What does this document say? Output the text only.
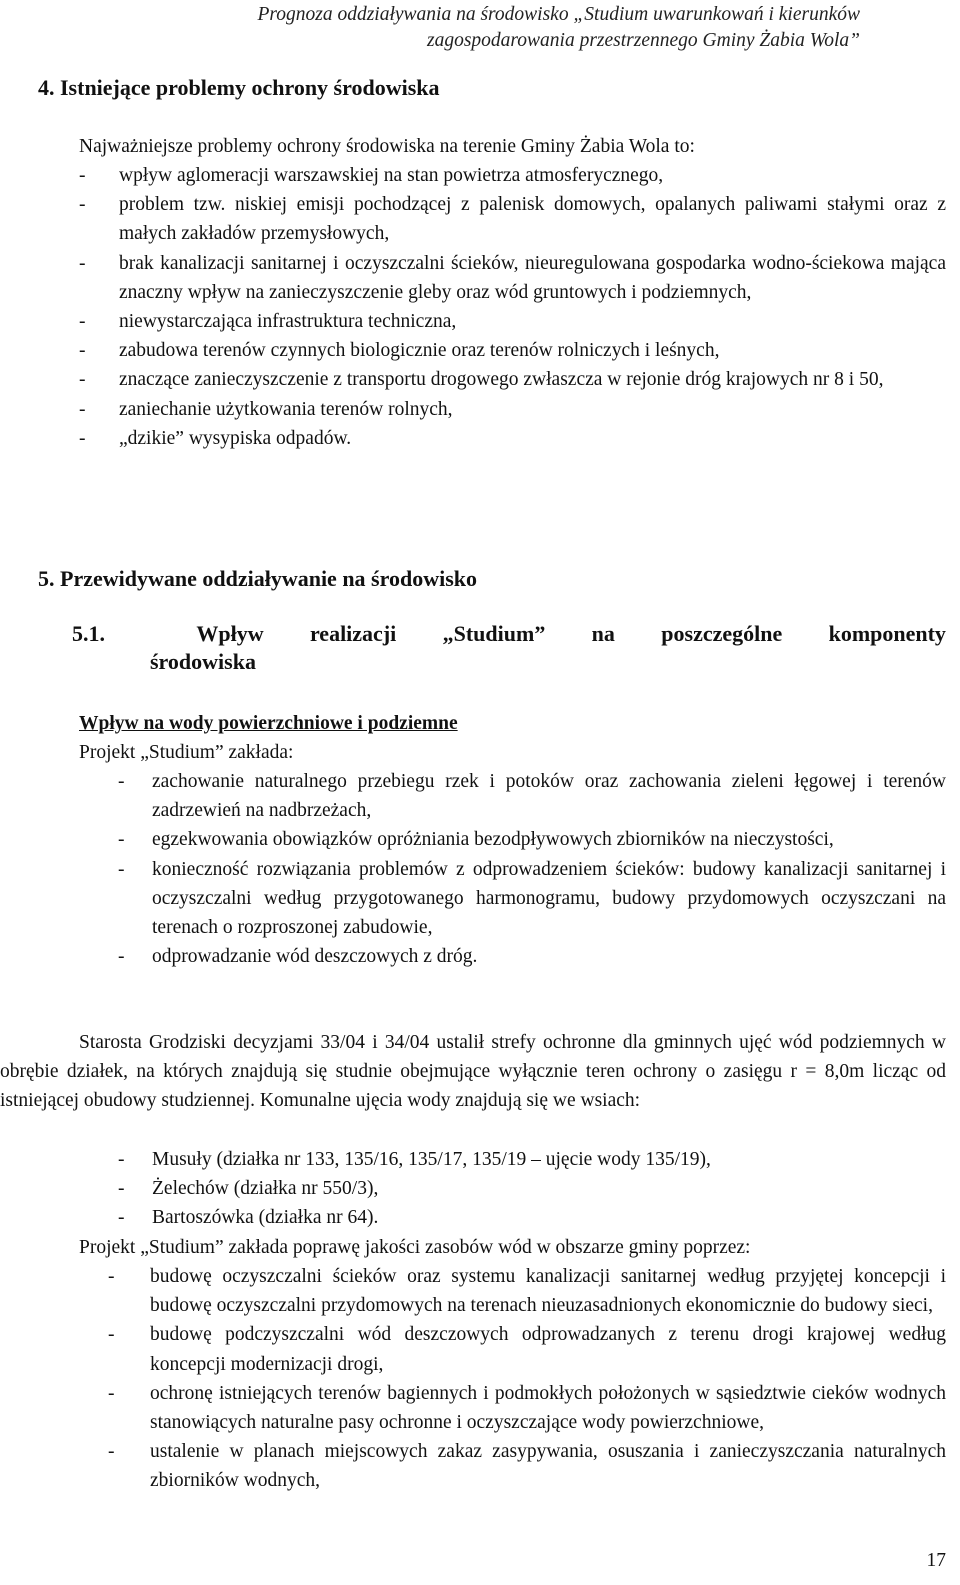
Prognoza oddziaływania na środowisko „Studium uwarunkowań i kierunków
zagospodarowania przestrzennego Gminy Żabia Wola”
4. Istniejące problemy ochrony środowiska
Najważniejsze problemy ochrony środowiska na terenie Gminy Żabia Wola to:
-	wpływ aglomeracji warszawskiej na stan powietrza atmosferycznego,
-	problem tzw. niskiej emisji pochodzącej z palenisk domowych, opalanych paliwami stałymi oraz z małych zakładów przemysłowych,
-	brak kanalizacji sanitarnej i oczyszczalni ścieków, nieuregulowana gospodarka wodno-ściekowa mająca znaczny wpływ na zanieczyszczenie gleby oraz wód gruntowych i podziemnych,
-	niewystarczająca infrastruktura techniczna,
-	zabudowa terenów czynnych biologicznie oraz terenów rolniczych i leśnych,
-	znaczące zanieczyszczenie z transportu drogowego zwłaszcza w rejonie dróg krajowych nr 8 i 50,
-	zaniechanie użytkowania terenów rolnych,
-	„dzikie” wysypiska odpadów.
5. Przewidywane oddziaływanie na środowisko
5.1.	Wpływ realizacji „Studium” na poszczególne komponenty
środowiska
Wpływ na wody powierzchniowe i podziemne
Projekt „Studium” zakłada:
-	zachowanie naturalnego przebiegu rzek i potoków oraz zachowania zieleni łęgowej i terenów zadrzewień na nadbrzeżach,
-	egzekwowania obowiązków opróżniania bezodpływowych zbiorników na nieczystości,
-	konieczność rozwiązania problemów z odprowadzeniem ścieków: budowy kanalizacji sanitarnej i oczyszczalni według przygotowanego harmonogramu, budowy przydomowych oczyszczani na terenach o rozproszonej zabudowie,
-	odprowadzanie wód deszczowych z dróg.

Starosta Grodziski decyzjami 33/04 i 34/04 ustalił strefy ochronne dla gminnych ujęć wód podziemnych w obrębie działek, na których znajdują się studnie obejmujące wyłącznie teren ochrony o zasięgu r = 8,0m licząc od istniejącej obudowy studziennej. Komunalne ujęcia wody znajdują się we wsiach:

-	Musuły (działka nr 133, 135/16, 135/17, 135/19 – ujęcie wody 135/19),
-	Żelechów (działka nr 550/3),
-	Bartoszówka (działka nr 64).
Projekt „Studium” zakłada poprawę jakości zasobów wód w obszarze gminy poprzez:
-	budowę oczyszczalni ścieków oraz systemu kanalizacji sanitarnej według przyjętej koncepcji i budowę oczyszczalni przydomowych na terenach nieuzasadnionych ekonomicznie do budowy sieci,
-	budowę podczyszczalni wód deszczowych odprowadzanych z terenu drogi krajowej według koncepcji modernizacji drogi,
-	ochronę istniejących terenów bagiennych i podmokłych położonych w sąsiedztwie cieków wodnych stanowiących naturalne pasy ochronne i oczyszczające wody powierzchniowe,
-	ustalenie w planach miejscowych zakaz zasypywania, osuszania i zanieczyszczania naturalnych zbiorników wodnych,
17
